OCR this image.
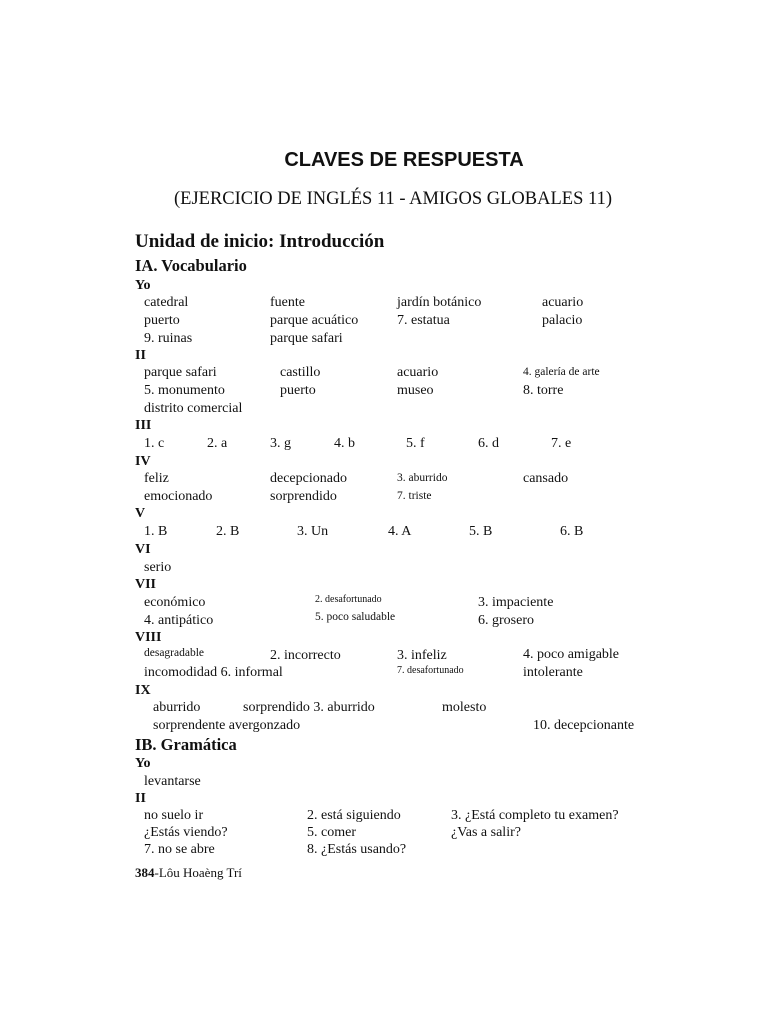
CLAVES DE RESPUESTA
(EJERCICIO DE INGLÉS 11 - AMIGOS GLOBALES 11)
Unidad de inicio: Introducción
IA. Vocabulario
Yo
catedral	fuente	jardín botánico	acuario
puerto	parque acuático	7. estatua	palacio
9. ruinas	parque safari
II
parque safari	castillo	acuario	4. galería de arte
5. monumento	puerto	museo	8. torre
distrito comercial
III
1. c	2. a	3. g	4. b	5. f	6. d	7. e
IV
feliz	decepcionado	3. aburrido	cansado
emocionado	sorprendido	7. triste
V
1. B	2. B	3. Un	4. A	5. B	6. B
VI
serio
VII
económico	2. desafortunado	3. impaciente
4. antipático	5. poco saludable	6. grosero
VIII
desagradable	2. incorrecto	3. infeliz	4. poco amigable
incomodidad 6. informal	7. desafortunado	intolerante
IX
aburrido	sorprendido 3. aburrido	molesto
sorprendente avergonzado	10. decepcionante
IB. Gramática
Yo
levantarse
II
no suelo ir	2. está siguiendo	3. ¿Está completo tu examen?
¿Estás viendo?	5. comer	¿Vas a salir?
7. no se abre	8. ¿Estás usando?
384-Lôu Hoaèng Trí
